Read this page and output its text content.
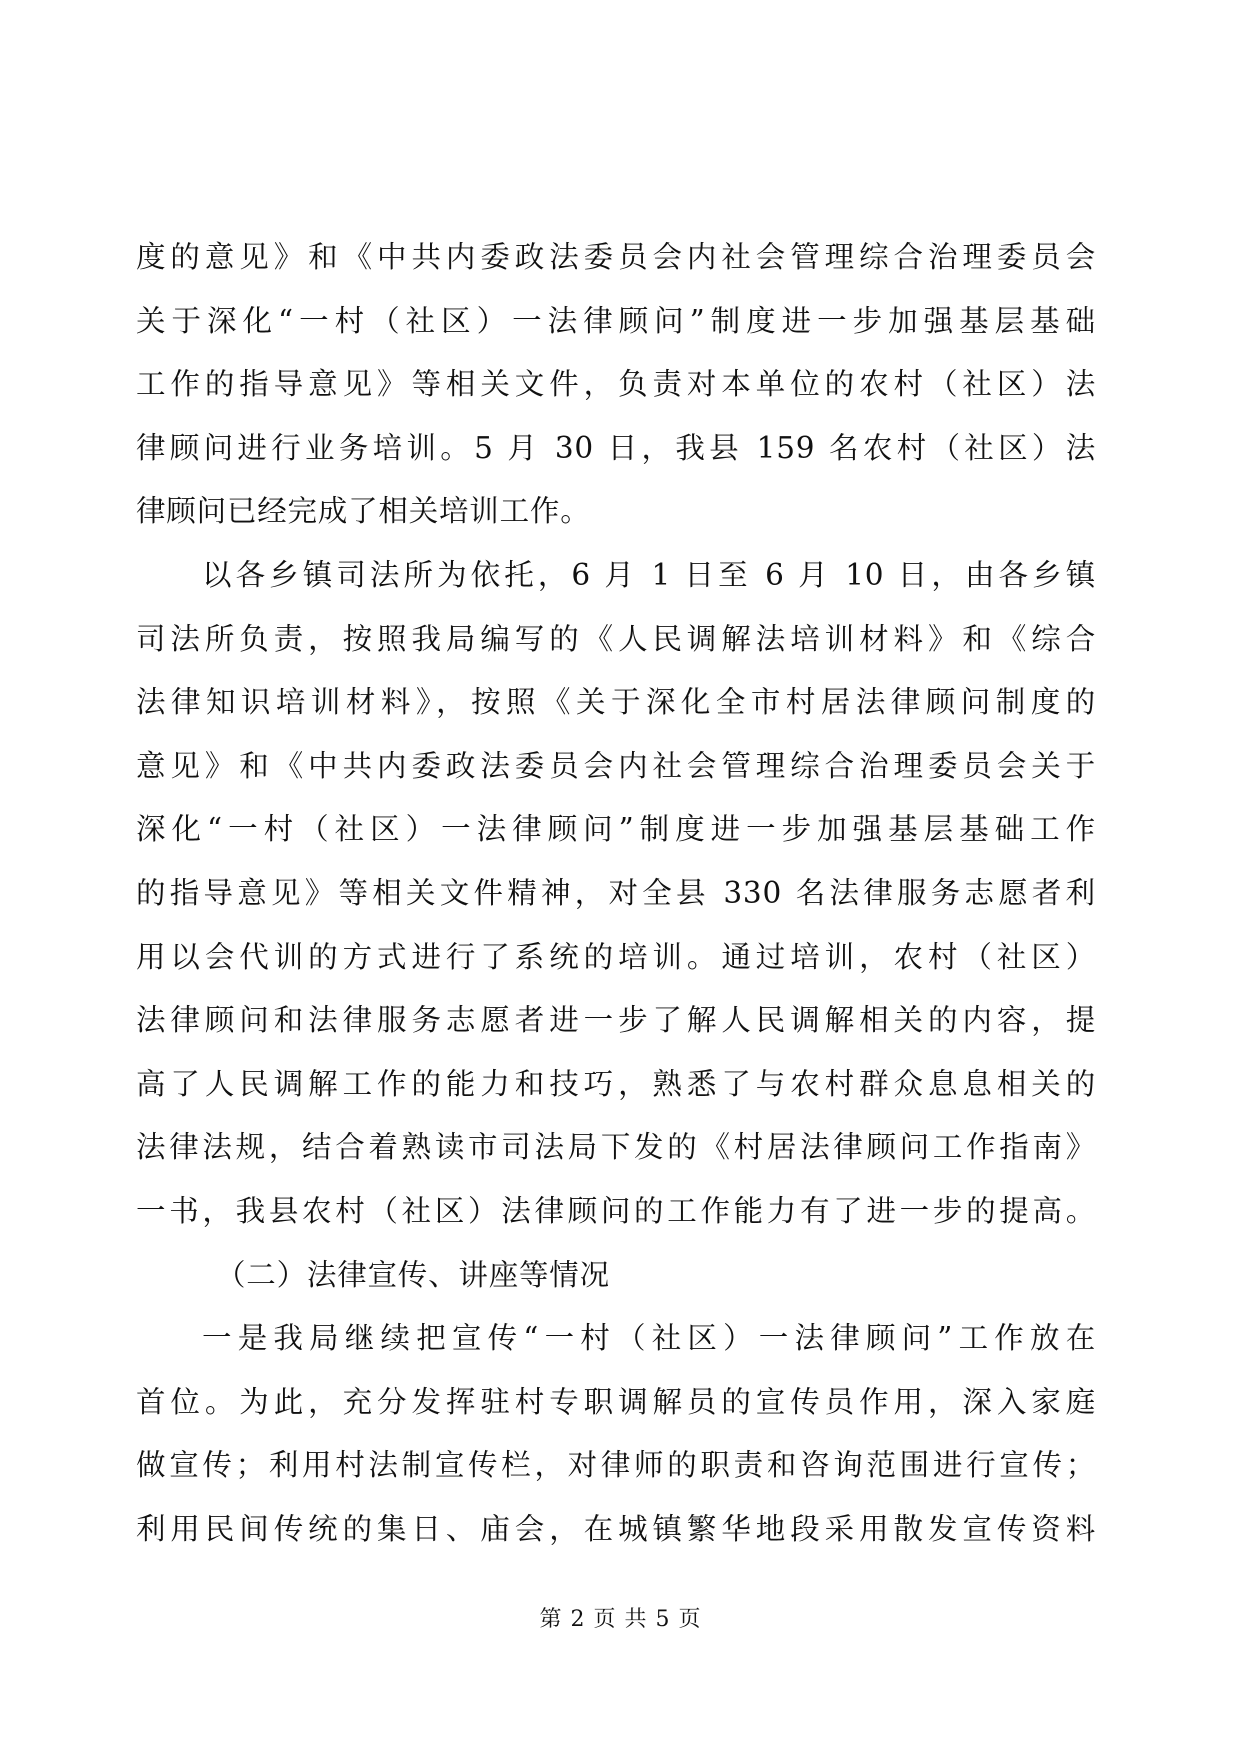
度的意见》和《中共内委政法委员会内社会管理综合治理委员会
关于深化“一村（社区）一法律顾问”制度进一步加强基层基础
工作的指导意见》等相关文件，负责对本单位的农村（社区）法
律顾问进行业务培训。5 月 30 日，我县 159 名农村（社区）法
律顾问已经完成了相关培训工作。
以各乡镇司法所为依托，6 月 1 日至 6 月 10 日，由各乡镇
司法所负责，按照我局编写的《人民调解法培训材料》和《综合
法律知识培训材料》，按照《关于深化全市村居法律顾问制度的
意见》和《中共内委政法委员会内社会管理综合治理委员会关于
深化“一村（社区）一法律顾问”制度进一步加强基层基础工作
的指导意见》等相关文件精神，对全县 330 名法律服务志愿者利
用以会代训的方式进行了系统的培训。通过培训，农村（社区）
法律顾问和法律服务志愿者进一步了解人民调解相关的内容，提
高了人民调解工作的能力和技巧，熟悉了与农村群众息息相关的
法律法规，结合着熟读市司法局下发的《村居法律顾问工作指南》
一书，我县农村（社区）法律顾问的工作能力有了进一步的提高。
（二）法律宣传、讲座等情况
一是我局继续把宣传“一村（社区）一法律顾问”工作放在
首位。为此，充分发挥驻村专职调解员的宣传员作用，深入家庭
做宣传；利用村法制宣传栏，对律师的职责和咨询范围进行宣传；
利用民间传统的集日、庙会，在城镇繁华地段采用散发宣传资料
第 2 页 共 5 页
